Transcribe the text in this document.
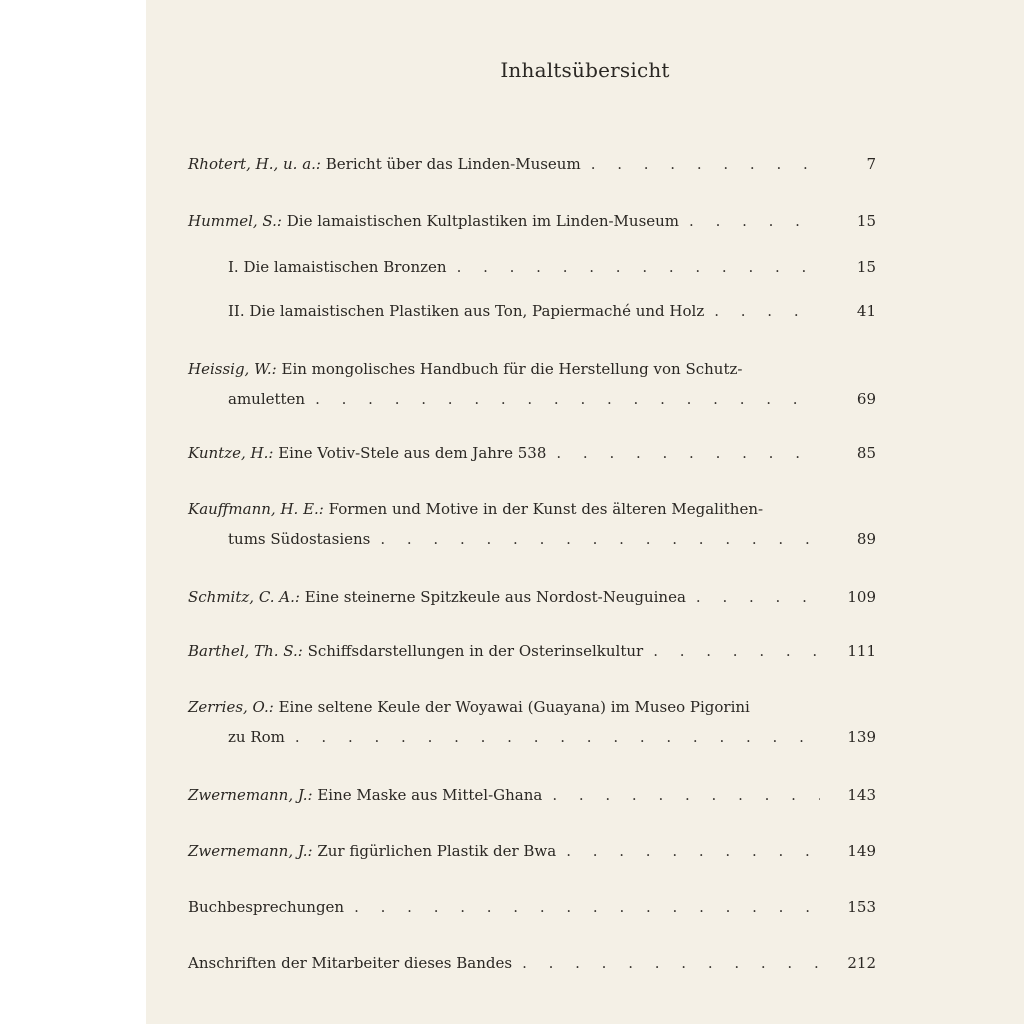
Inhaltsübersicht
Rhotert, H., u. a.: Bericht über das Linden-Museum . . .	7
Hummel, S.: Die lamaistischen Kultplastiken im Linden-Museum . . .	15
I. Die lamaistischen Bronzen . . .	15
II. Die lamaistischen Plastiken aus Ton, Papiermaché und Holz . . .	41
Heissig, W.: Ein mongolisches Handbuch für die Herstellung von Schutz-
amuletten . . .	69
Kuntze, H.: Eine Votiv-Stele aus dem Jahre 538 . . .	85
Kauffmann, H. E.: Formen und Motive in der Kunst des älteren Megalithen-
tums Südostasiens . . .	89
Schmitz, C. A.: Eine steinerne Spitzkeule aus Nordost-Neuguinea . . .	109
Barthel, Th. S.: Schiffsdarstellungen in der Osterinselkultur . . .	111
Zerries, O.: Eine seltene Keule der Woyawai (Guayana) im Museo Pigorini
zu Rom . . .	139
Zwernemann, J.: Eine Maske aus Mittel-Ghana . . .	143
Zwernemann, J.: Zur figürlichen Plastik der Bwa . . .	149
Buchbesprechungen . . .	153
Anschriften der Mitarbeiter dieses Bandes . . .	212
